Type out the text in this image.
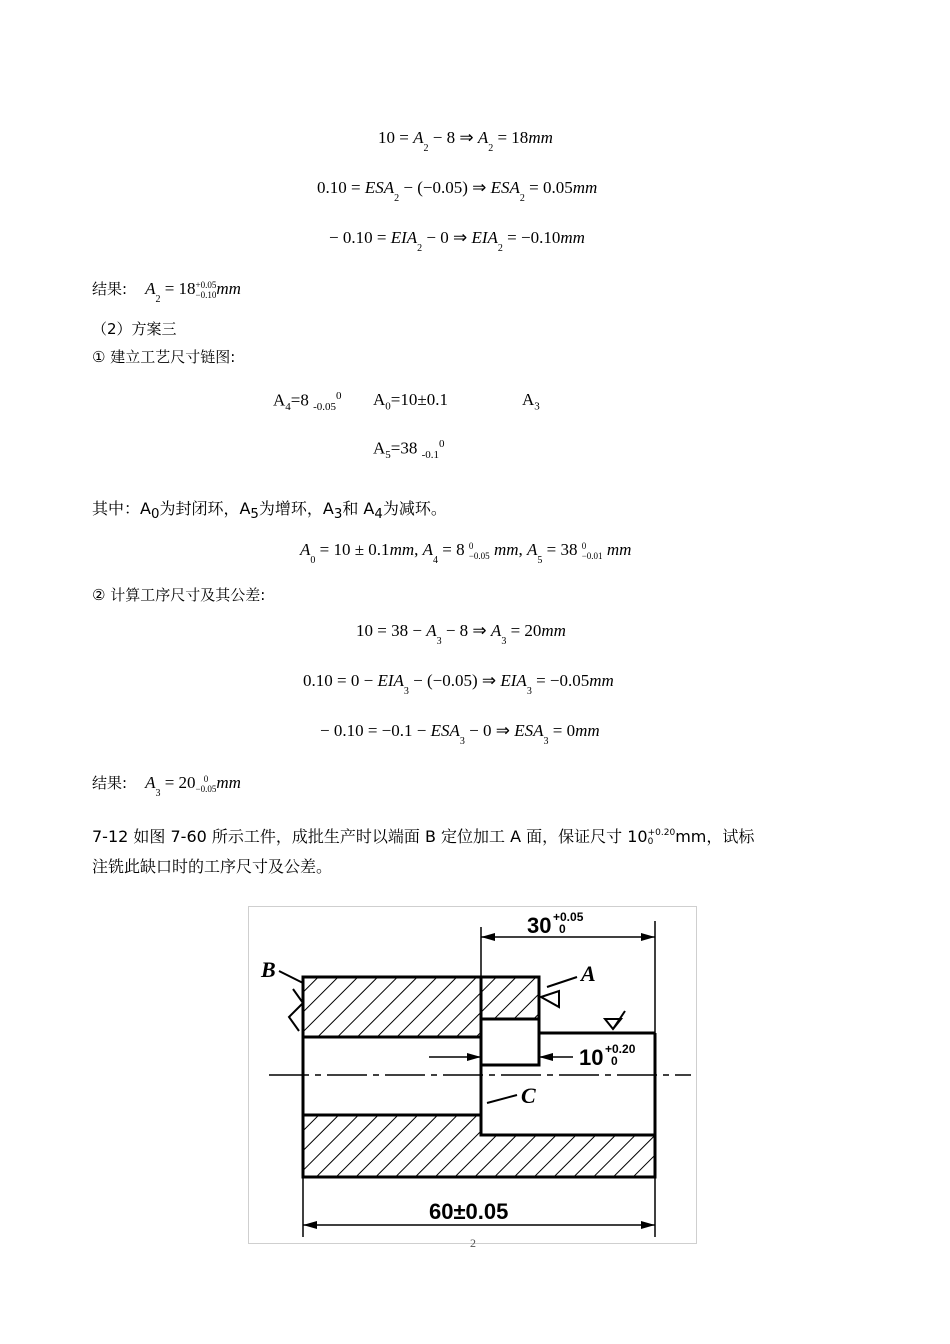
$10 = A_2 - 8$ ⇒ $A_2 = 18mm$
$0.10 = ESA_2 - (-0.05)$ ⇒ $ESA_2 = 0.05mm$
− $0.10 = EIA_2 - 0$ ⇒ $EIA_2 = -0.10mm$
结果: $A_2 = 18+0.05$
−0.10mm
（2）方案三
① 建立工艺尺寸链图:
$A_4=8$ $_{-0.05}^0$ $A_0=10\pm 0.1$	$A_3$
$A_5=38$ $_{-0.1}^0$
其中：$A_0$为封闭环，$A_5$为增环，$A_3$和 $A_4$为减环。
$A_0 = 10 \pm 0.1mm$, $A_4 = 8$ 0
−0.05 mm, $A_5 = 38$ 0
−0.01 mm
② 计算工序尺寸及其公差:
$10 = 38 - A_3 - 8$ ⇒ $A_3 = 20mm$
$0.10 = 0 - EIA_3 - (-0.05)$ ⇒ $EIA_3 = -0.05mm$
− $0.10 = -0.1 - ESA_3 - 0$ ⇒ $ESA_3 = 0mm$
结果: $A_3 = 20$ 0
−0.05mm
7-12 如图 7-60 所示工件，成批生产时以端面 B 定位加工 A 面，保证尺寸 10+0.20
0 mm，试标
注铣此缺口时的工序尺寸及公差。
B	A
C
30 +0.05
0
10 +0.20
0
60±0.05
2
